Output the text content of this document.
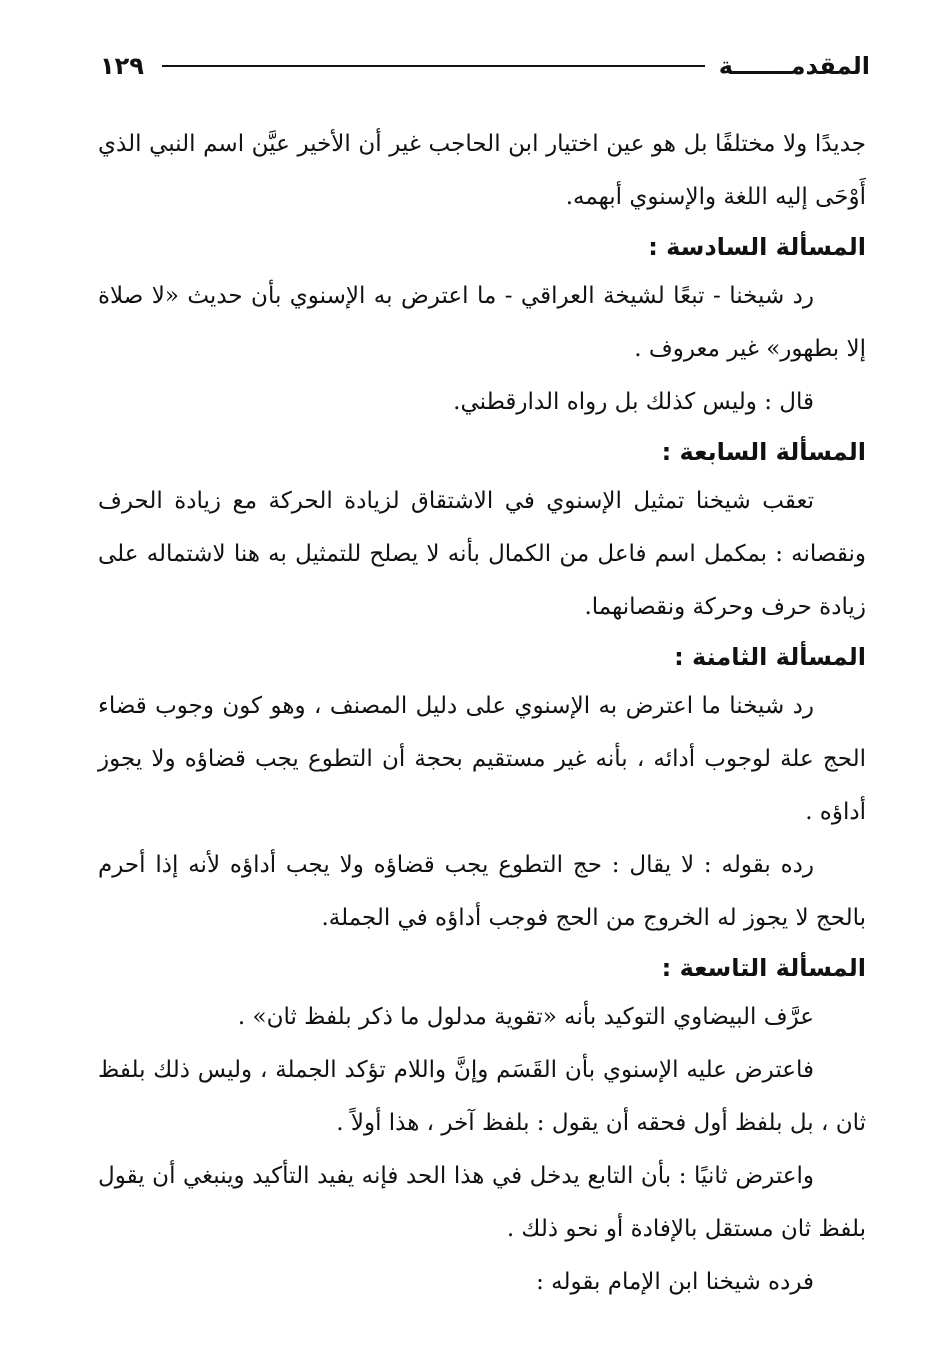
المقدمـــــــة
١٢٩

جديدًا ولا مختلفًا بل هو عين اختيار ابن الحاجب غير أن الأخير عيَّن اسم النبي الذي أَوْحَى إليه اللغة والإسنوي أبهمه.

المسألة السادسة :

رد شيخنا - تبعًا لشيخة العراقي - ما اعترض به الإسنوي بأن حديث «لا صلاة إلا بطهور» غير معروف .

قال : وليس كذلك بل رواه الدارقطني.

المسألة السابعة :

تعقب شيخنا تمثيل الإسنوي في الاشتقاق لزيادة الحركة مع زيادة الحرف ونقصانه : بمكمل اسم فاعل من الكمال بأنه لا يصلح للتمثيل به هنا لاشتماله على زيادة حرف وحركة ونقصانهما.

المسألة الثامنة :

رد شيخنا ما اعترض به الإسنوي على دليل المصنف ، وهو كون وجوب قضاء الحج علة لوجوب أدائه ، بأنه غير مستقيم بحجة أن التطوع يجب قضاؤه ولا يجوز أداؤه .

رده بقوله : لا يقال : حج التطوع يجب قضاؤه ولا يجب أداؤه لأنه إذا أحرم بالحج لا يجوز له الخروج من الحج فوجب أداؤه في الجملة.

المسألة التاسعة :

عرَّف البيضاوي التوكيد بأنه «تقوية مدلول ما ذكر بلفظ ثان» .

فاعترض عليه الإسنوي بأن القَسَم وإنَّ واللام تؤكد الجملة ، وليس ذلك بلفظ ثان ، بل بلفظ أول فحقه أن يقول : بلفظ آخر ، هذا أولاً .

واعترض ثانيًا : بأن التابع يدخل في هذا الحد فإنه يفيد التأكيد وينبغي أن يقول بلفظ ثان مستقل بالإفادة أو نحو ذلك .

فرده شيخنا ابن الإمام بقوله :
